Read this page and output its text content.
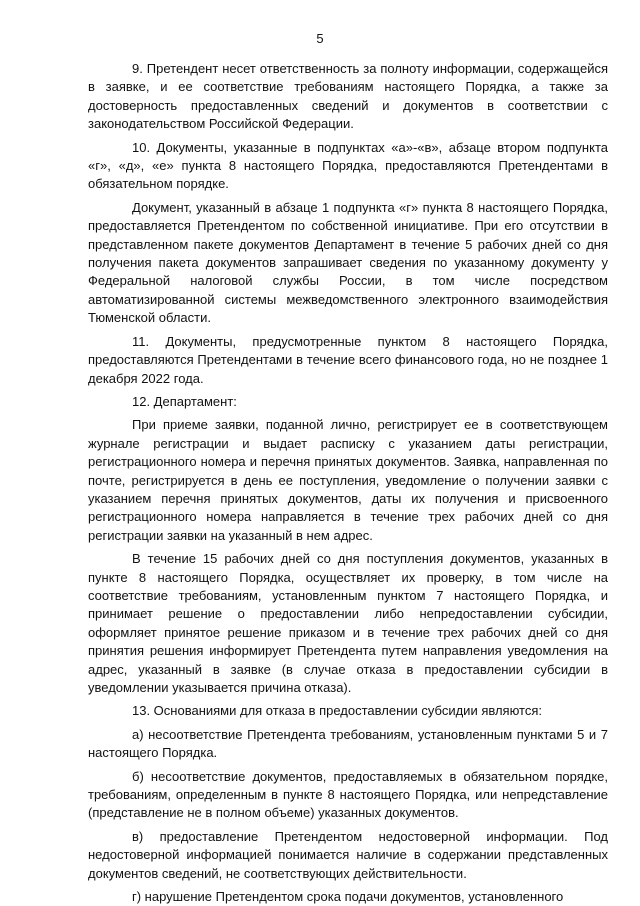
5

9. Претендент несет ответственность за полноту информации, содержащейся в заявке, и ее соответствие требованиям настоящего Порядка, а также за достоверность предоставленных сведений и документов в соответствии с законодательством Российской Федерации.

10. Документы, указанные в подпунктах «а»-«в», абзаце втором подпункта «г», «д», «е» пункта 8 настоящего Порядка, предоставляются Претендентами в обязательном порядке.

Документ, указанный в абзаце 1 подпункта «г» пункта 8 настоящего Порядка, предоставляется Претендентом по собственной инициативе. При его отсутствии в представленном пакете документов Департамент в течение 5 рабочих дней со дня получения пакета документов запрашивает сведения по указанному документу у Федеральной налоговой службы России, в том числе посредством автоматизированной системы межведомственного электронного взаимодействия Тюменской области.

11. Документы, предусмотренные пунктом 8 настоящего Порядка, предоставляются Претендентами в течение всего финансового года, но не позднее 1 декабря 2022 года.

12. Департамент:

При приеме заявки, поданной лично, регистрирует ее в соответствующем журнале регистрации и выдает расписку с указанием даты регистрации, регистрационного номера и перечня принятых документов. Заявка, направленная по почте, регистрируется в день ее поступления, уведомление о получении заявки с указанием перечня принятых документов, даты их получения и присвоенного регистрационного номера направляется в течение трех рабочих дней со дня регистрации заявки на указанный в нем адрес.

В течение 15 рабочих дней со дня поступления документов, указанных в пункте 8 настоящего Порядка, осуществляет их проверку, в том числе на соответствие требованиям, установленным пунктом 7 настоящего Порядка, и принимает решение о предоставлении либо непредоставлении субсидии, оформляет принятое решение приказом и в течение трех рабочих дней со дня принятия решения информирует Претендента путем направления уведомления на адрес, указанный в заявке (в случае отказа в предоставлении субсидии в уведомлении указывается причина отказа).

13. Основаниями для отказа в предоставлении субсидии являются:

а) несоответствие Претендента требованиям, установленным пунктами 5 и 7 настоящего Порядка.

б) несоответствие документов, предоставляемых в обязательном порядке, требованиям, определенным в пункте 8 настоящего Порядка, или непредставление (представление не в полном объеме) указанных документов.

в) предоставление Претендентом недостоверной информации. Под недостоверной информацией понимается наличие в содержании представленных документов сведений, не соответствующих действительности.

г) нарушение Претендентом срока подачи документов, установленного
